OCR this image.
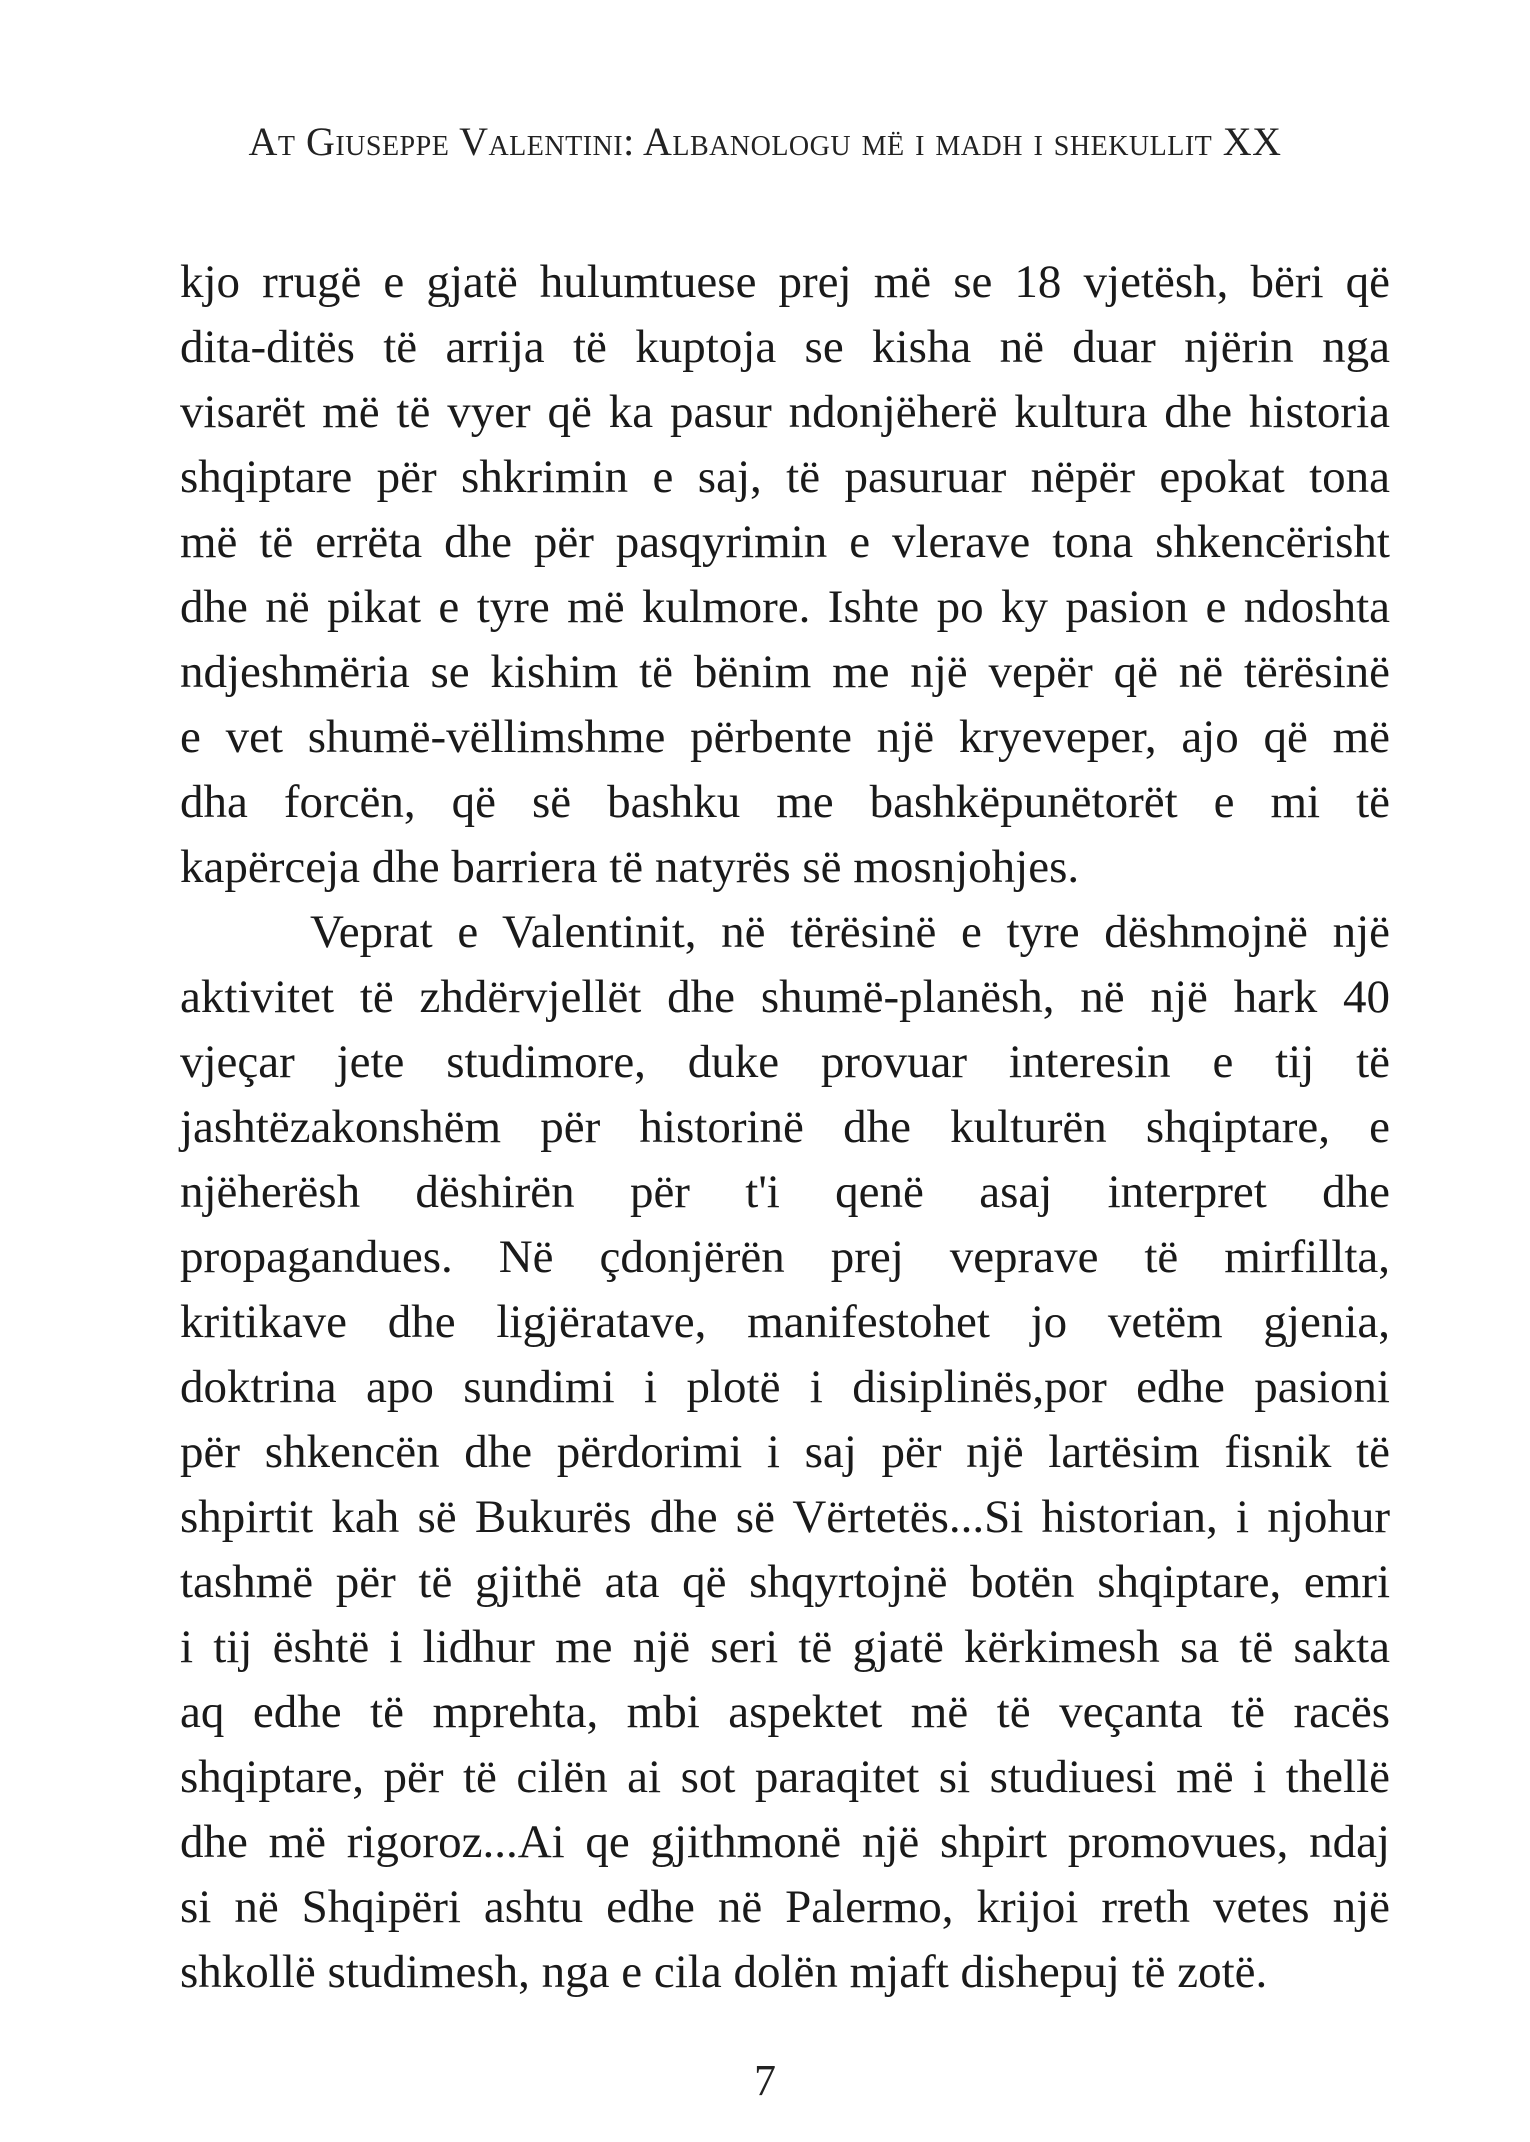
At Giuseppe Valentini: Albanologu më i madh i shekullit XX
kjo rrugë e gjatë hulumtuese prej më se 18 vjetësh, bëri që
dita-ditës të arrija të kuptoja se kisha në duar njërin nga
visarët më të vyer që ka pasur ndonjëherë kultura dhe historia
shqiptare për shkrimin e saj, të pasuruar nëpër epokat tona
më të errëta dhe për pasqyrimin e vlerave tona shkencërisht
dhe në pikat e tyre më kulmore. Ishte po ky pasion e ndoshta
ndjeshmëria se kishim të bënim me një vepër që në tërësinë
e vet shumë-vëllimshme përbente një kryeveper, ajo që më
dha forcën, që së bashku me bashkëpunëtorët e mi të
kapërceja dhe barriera të natyrës së mosnjohjes.
Veprat e Valentinit, në tërësinë e tyre dëshmojnë një
aktivitet të zhdërvjellët dhe shumë-planësh, në një hark 40
vjeçar jete studimore, duke provuar interesin e tij të
jashtëzakonshëm për historinë dhe kulturën shqiptare, e
njëherësh dëshirën për t'i qenë asaj interpret dhe
propagandues. Në çdonjërën prej veprave të mirfillta,
kritikave dhe ligjëratave, manifestohet jo vetëm gjenia,
doktrina apo sundimi i plotë i disiplinës,por edhe pasioni
për shkencën dhe përdorimi i saj për një lartësim fisnik të
shpirtit kah së Bukurës dhe së Vërtetës...Si historian, i njohur
tashmë për të gjithë ata që shqyrtojnë botën shqiptare, emri
i tij është i lidhur me një seri të gjatë kërkimesh sa të sakta
aq edhe të mprehta, mbi aspektet më të veçanta të racës
shqiptare, për të cilën ai sot paraqitet si studiuesi më i thellë
dhe më rigoroz...Ai qe gjithmonë një shpirt promovues, ndaj
si në Shqipëri ashtu edhe në Palermo, krijoi rreth vetes një
shkollë studimesh, nga e cila dolën mjaft dishepuj të zotë.
7
